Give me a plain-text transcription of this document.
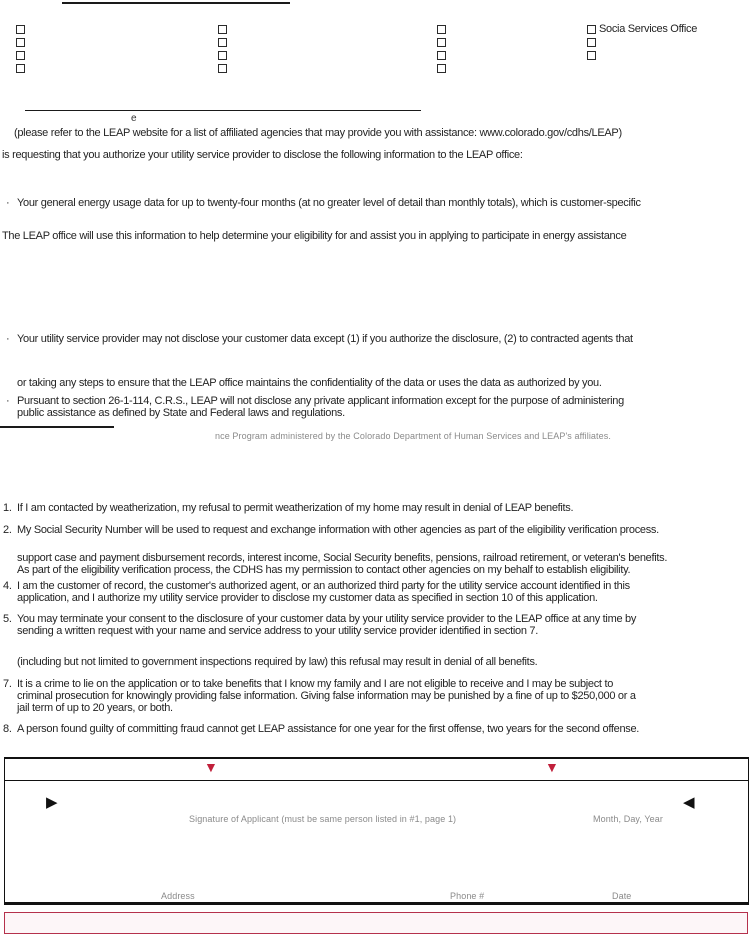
Socia Services Office
e
(please refer to the LEAP website for a list of affiliated agencies that may provide you with assistance: www.colorado.gov/cdhs/LEAP)
is requesting that you authorize your utility service provider to disclose the following information to the LEAP office:
· Your general energy usage data for up to twenty-four months (at no greater level of detail than monthly totals), which is customer-specific
The LEAP office will use this information to help determine your eligibility for and assist you in applying to participate in energy assistance
· Your utility service provider may not disclose your customer data except (1) if you authorize the disclosure, (2) to contracted agents that
or taking any steps to ensure that the LEAP office maintains the confidentiality of the data or uses the data as authorized by you.
· Pursuant to section 26-1-114, C.R.S., LEAP will not disclose any private applicant information except for the purpose of administering
public assistance as defined by State and Federal laws and regulations.
nce Program administered by the Colorado Department of Human Services and LEAP's affiliates.
1. If I am contacted by weatherization, my refusal to permit weatherization of my home may result in denial of LEAP benefits.
2. My Social Security Number will be used to request and exchange information with other agencies as part of the eligibility verification process.
support case and payment disbursement records, interest income, Social Security benefits, pensions, railroad retirement, or veteran's benefits.
As part of the eligibility verification process, the CDHS has my permission to contact other agencies on my behalf to establish eligibility.
4. I am the customer of record, the customer's authorized agent, or an authorized third party for the utility service account identified in this
application, and I authorize my utility service provider to disclose my customer data as specified in section 10 of this application.
5. You may terminate your consent to the disclosure of your customer data by your utility service provider to the LEAP office at any time by
sending a written request with your name and service address to your utility service provider identified in section 7.
(including but not limited to government inspections required by law) this refusal may result in denial of all benefits.
7. It is a crime to lie on the application or to take benefits that I know my family and I are not eligible to receive and I may be subject to
criminal prosecution for knowingly providing false information. Giving false information may be punished by a fine of up to $250,000 or a
jail term of up to 20 years, or both.
8. A person found guilty of committing fraud cannot get LEAP assistance for one year for the first offense, two years for the second offense.
▼	▼
▶	◀
Signature of Applicant (must be same person listed in #1, page 1)	Month, Day, Year
Address	Phone #	Date
